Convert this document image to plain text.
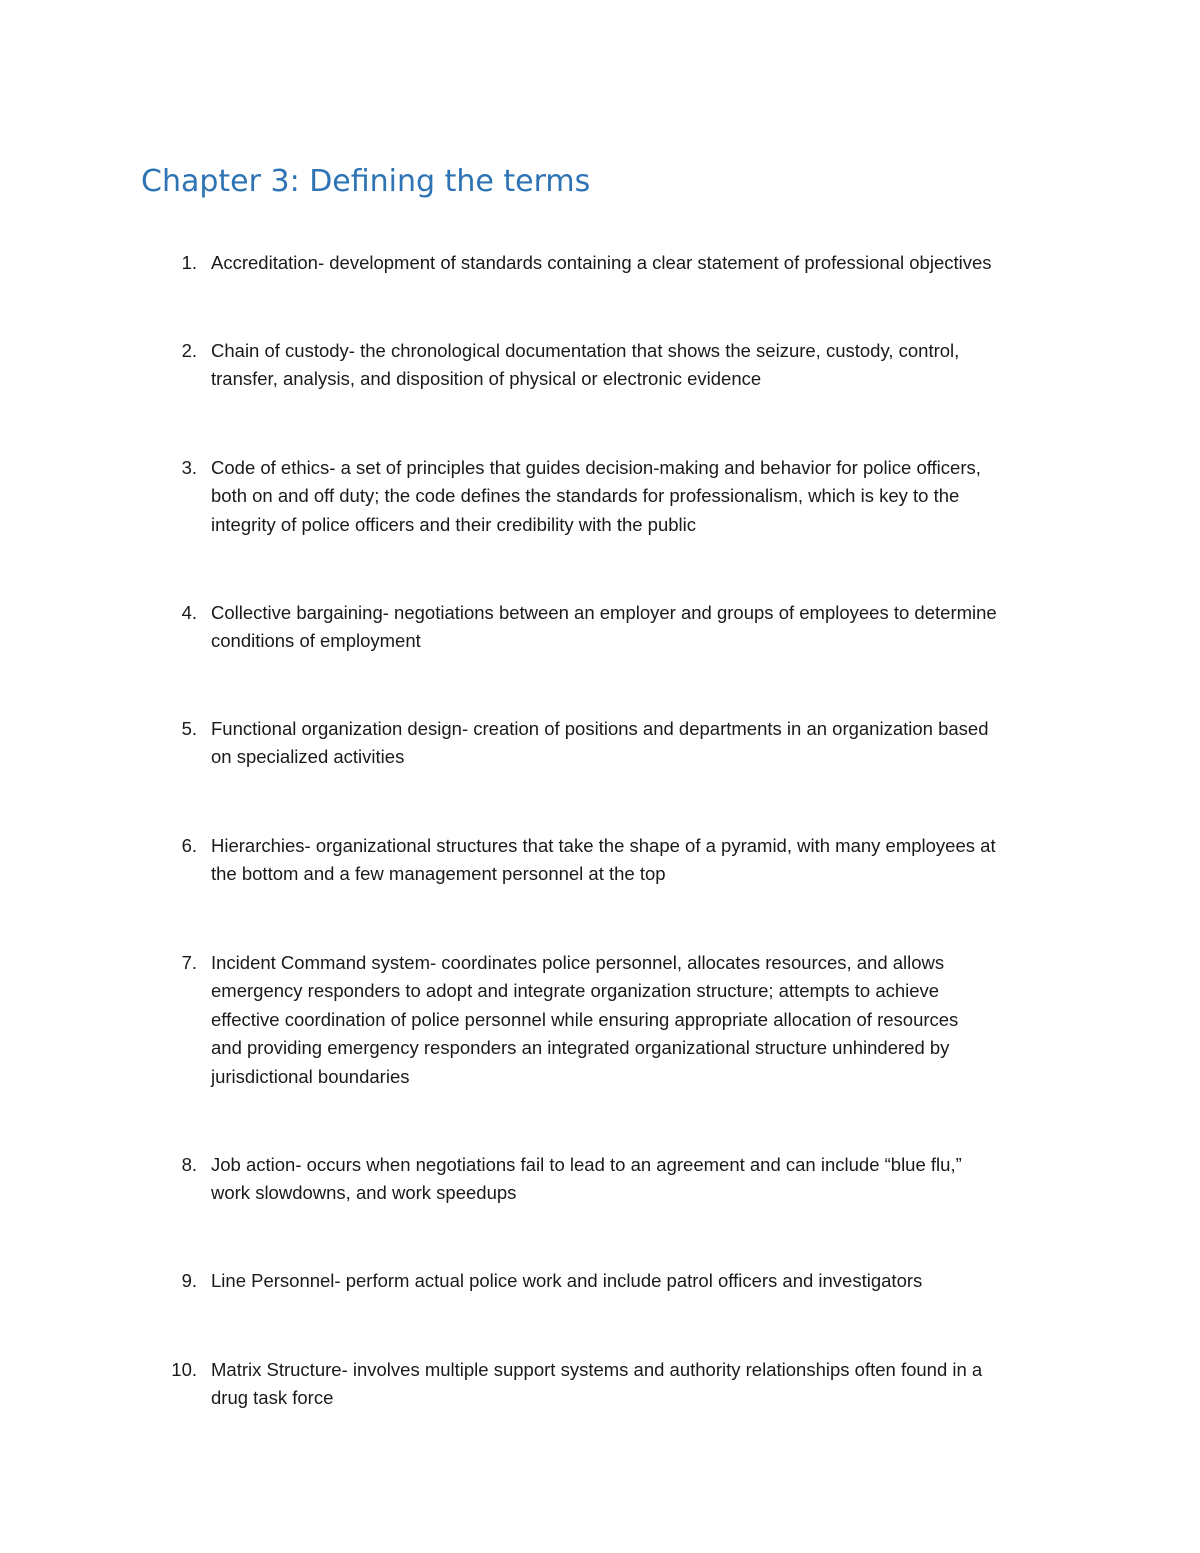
Chapter 3: Defining the terms
1. Accreditation- development of standards containing a clear statement of professional objectives
2. Chain of custody- the chronological documentation that shows the seizure, custody, control,
transfer, analysis, and disposition of physical or electronic evidence
3. Code of ethics- a set of principles that guides decision-making and behavior for police officers,
both on and off duty; the code defines the standards for professionalism, which is key to the
integrity of police officers and their credibility with the public
4. Collective bargaining- negotiations between an employer and groups of employees to determine
conditions of employment
5. Functional organization design- creation of positions and departments in an organization based
on specialized activities
6. Hierarchies- organizational structures that take the shape of a pyramid, with many employees at
the bottom and a few management personnel at the top
7. Incident Command system- coordinates police personnel, allocates resources, and allows
emergency responders to adopt and integrate organization structure; attempts to achieve
effective coordination of police personnel while ensuring appropriate allocation of resources
and providing emergency responders an integrated organizational structure unhindered by
jurisdictional boundaries
8. Job action- occurs when negotiations fail to lead to an agreement and can include “blue flu,”
work slowdowns, and work speedups
9. Line Personnel- perform actual police work and include patrol officers and investigators
10. Matrix Structure- involves multiple support systems and authority relationships often found in a
drug task force
